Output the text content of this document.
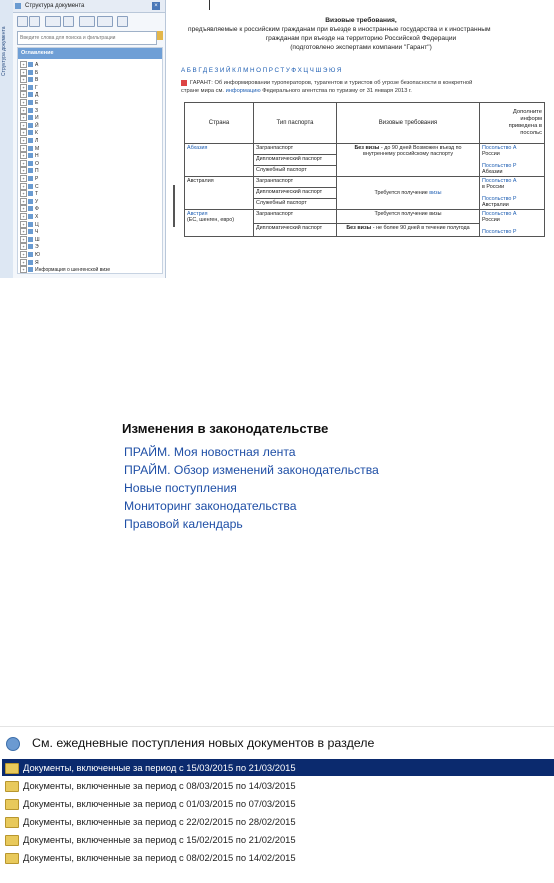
Структура документа
Структура документа	×
Введите слова для поиска и фильтрации
Оглавление
+ А
+ Б
+ В
+ Г
+ Д
+ Е
+ З
+ И
+ Й
+ К
+ Л
+ М
+ Н
+ О
+ П
+ Р
+ С
+ Т
+ У
+ Ф
+ Х
+ Ц
+ Ч
+ Ш
+ Э
+ Ю
+ Я
+ Информация о шенгенской визе
Визовые требования,
предъявляемые к российским гражданам при въезде в иностранные государства и к иностранным
гражданам при въезде на территорию Российской Федерации
(подготовлено экспертами компании "Гарант")
АБВГДЕЗИЙКЛМНОПРСТУФХЦЧШЭЮЯ
ГАРАНТ: Об информировании туроператоров, турагентов и туристов об угрозе безопасности в конкретной
стране мира см. информацию Федерального агентства по туризму от 31 января 2013 г.
Страна	Тип паспорта	Визовые требования	Дополните
информ
приведена в
посольс

Абхазия	Загранпаспорт	Без визы - до 90 дней Возможен въезд по внутреннему российскому паспорту	Посольство А
России

Посольство Р
Абхазии
	Дипломатический паспорт		
	Служебный паспорт		
Австралия	Загранпаспорт	Требуется получение визы	Посольство А
в России

Посольство Р
Австралии
	Дипломатический паспорт		
	Служебный паспорт		
Австрия
(ЕС, шенген, евро)	Загранпаспорт	Требуется получение визы	Посольство А
России

Посольство Р
	Дипломатический паспорт	Без визы - не более 90 дней в течение полугода	
Изменения в законодательстве
ПРАЙМ. Моя новостная лента
ПРАЙМ. Обзор изменений законодательства
Новые поступления
Мониторинг законодательства
Правовой календарь
См. ежедневные поступления новых документов в разделе
Документы, включенные за период с 15/03/2015 по 21/03/2015
Документы, включенные за период с 08/03/2015 по 14/03/2015
Документы, включенные за период с 01/03/2015 по 07/03/2015
Документы, включенные за период с 22/02/2015 по 28/02/2015
Документы, включенные за период с 15/02/2015 по 21/02/2015
Документы, включенные за период с 08/02/2015 по 14/02/2015
